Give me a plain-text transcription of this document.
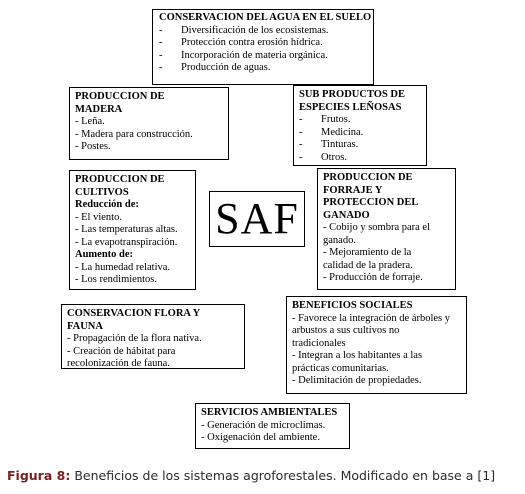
CONSERVACION DEL AGUA EN EL SUELO
- Diversificación de los ecosistemas.
- Protección contra erosión hídrica.
- Incorporación de materia orgánica.
- Producción de aguas.
PRODUCCION DE
MADERA
- Leña.
- Madera para construcción.
- Postes.
SUB PRODUCTOS DE
ESPECIES LEÑOSAS
- Frutos.
- Medicina.
- Tinturas.
- Otros.
PRODUCCION DE
CULTIVOS
Reducción de:
- El viento.
- Las temperaturas altas.
- La evapotranspiración.
Aumento de:
- La humedad relativa.
- Los rendimientos.
SAF
PRODUCCION DE
FORRAJE Y
PROTECCION DEL
GANADO
- Cobijo y sombra para el
ganado.
- Mejoramiento de la
calidad de la pradera.
- Producción de forraje.
CONSERVACION FLORA Y
FAUNA
- Propagación de la flora nativa.
- Creación de hábitat para
recolonización de fauna.
BENEFICIOS SOCIALES
- Favorece la integración de árboles y
arbustos a sus cultivos no
tradicionales
- Integran a los habitantes a las
prácticas comunitarias.
- Delimitación de propiedades.
SERVICIOS AMBIENTALES
- Generación de microclimas.
- Oxigenación del ambiente.
Figura 8: Beneficios de los sistemas agroforestales. Modificado en base a [1]
